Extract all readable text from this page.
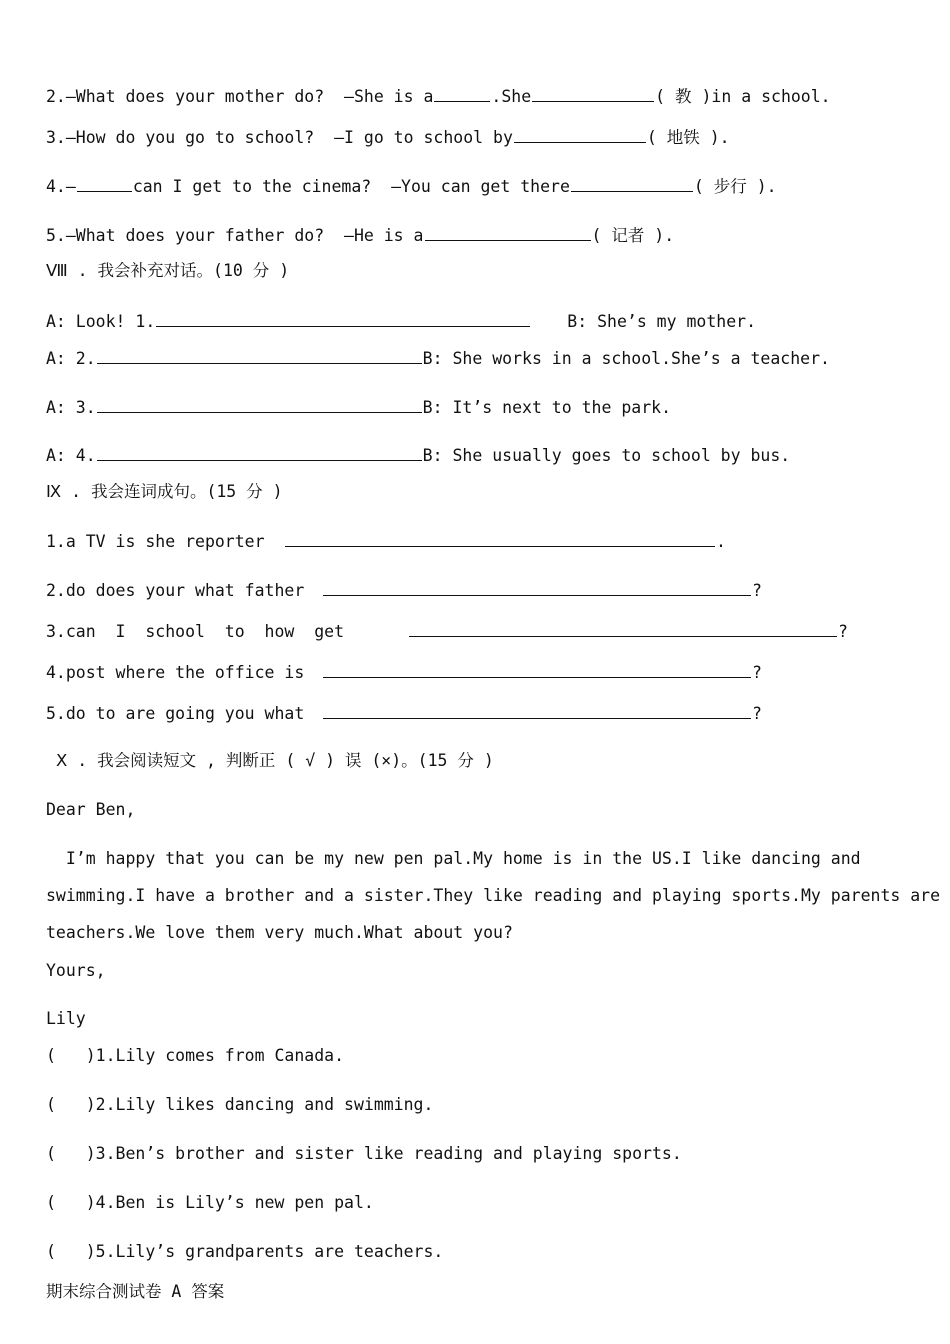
2.—What does your mother do?  —She is a	.She	( 教 )in a school.
3.—How do you go to school?  —I go to school by	( 地铁 ).
4.—	can I get to the cinema?  —You can get there	( 步行 ).
5.—What does your father do?  —He is a	( 记者 ).
Ⅷ . 我会补充对话。(10 分 )
A: Look! 1.	B: She’s my mother.
A: 2.	B: She works in a school.She’s a teacher.
A: 3.	B: It’s next to the park.
A: 4.	B: She usually goes to school by bus.
Ⅸ . 我会连词成句。(15 分 )
1.a TV is she reporter	.
2.do does your what father	?
3.can  I  school  to  how  get	?
4.post where the office is	?
5.do to are going you what	?
Ⅹ . 我会阅读短文 , 判断正 ( √ ) 误 (×)。(15 分 )
Dear Ben,
I’m happy that you can be my new pen pal.My home is in the US.I like dancing and
swimming.I have a brother and a sister.They like reading and playing sports.My parents are
teachers.We love them very much.What about you?
Yours,
Lily
(   )1.Lily comes from Canada.
(   )2.Lily likes dancing and swimming.
(   )3.Ben’s brother and sister like reading and playing sports.
(   )4.Ben is Lily’s new pen pal.
(   )5.Lily’s grandparents are teachers.
期末综合测试卷 A 答案
